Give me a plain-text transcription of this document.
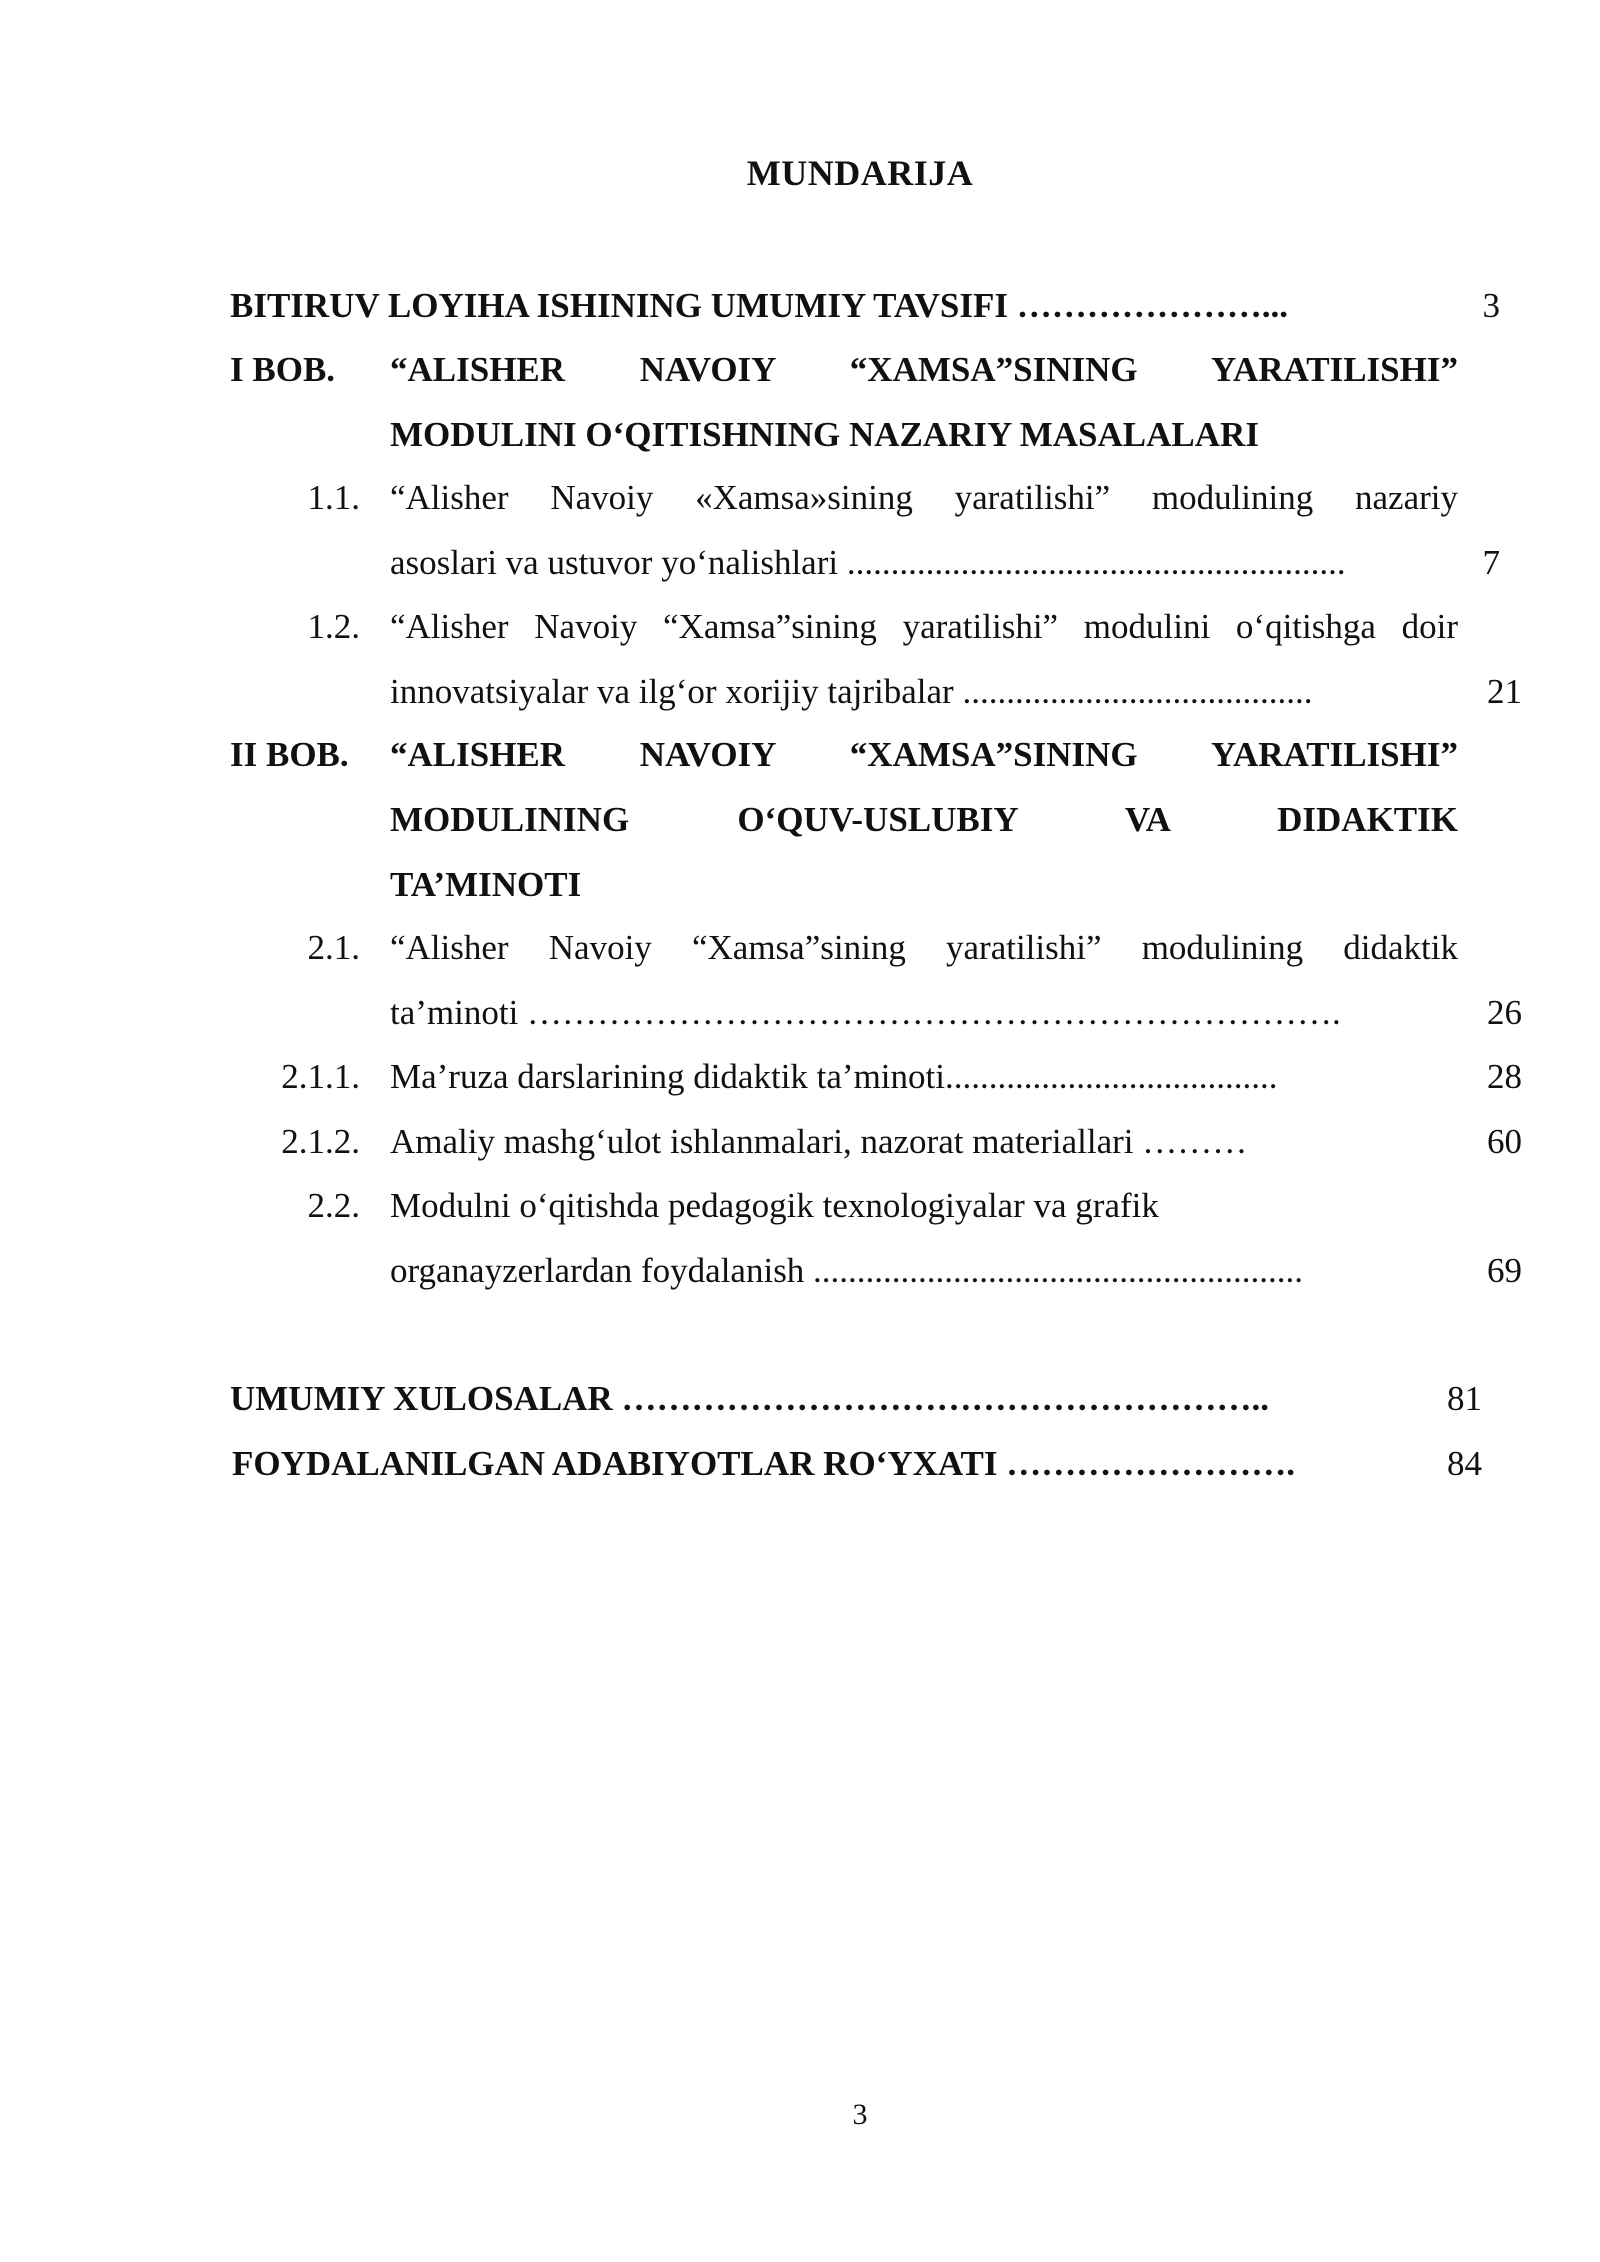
MUNDARIJA
BITIRUV LOYIHA ISHINING UMUMIY TAVSIFI …………………...	3
I BOB. “ALISHER NAVOIY “XAMSA”SINING YARATILISHI”
MODULINI O‘QITISHNING NAZARIY MASALALARI
1.1. “Alisher Navoiy «Xamsa»sining yaratilishi” modulining nazariy
asoslari va ustuvor yo‘nalishlari .........................................................	7
1.2. “Alisher Navoiy “Xamsa”sining yaratilishi” modulini o‘qitishga doir
innovatsiyalar va ilg‘or xorijiy tajribalar ........................................	21
II BOB. “ALISHER NAVOIY “XAMSA”SINING YARATILISHI”
MODULINING O‘QUV-USLUBIY VA DIDAKTIK
TA’MINOTI
2.1. “Alisher Navoiy “Xamsa”sining yaratilishi” modulining didaktik
ta’minoti …………………………………………………………….	26
2.1.1. Ma’ruza darslarining didaktik ta’minoti......................................	28
2.1.2. Amaliy mashg‘ulot ishlanmalari, nazorat materiallari ………	60
2.2. Modulni o‘qitishda pedagogik texnologiyalar va grafik
organayzerlardan foydalanish ........................................................	69
UMUMIY XULOSALAR ………………………………………………..	81
FOYDALANILGAN ADABIYOTLAR RO‘YXATI …………………….	84
3
